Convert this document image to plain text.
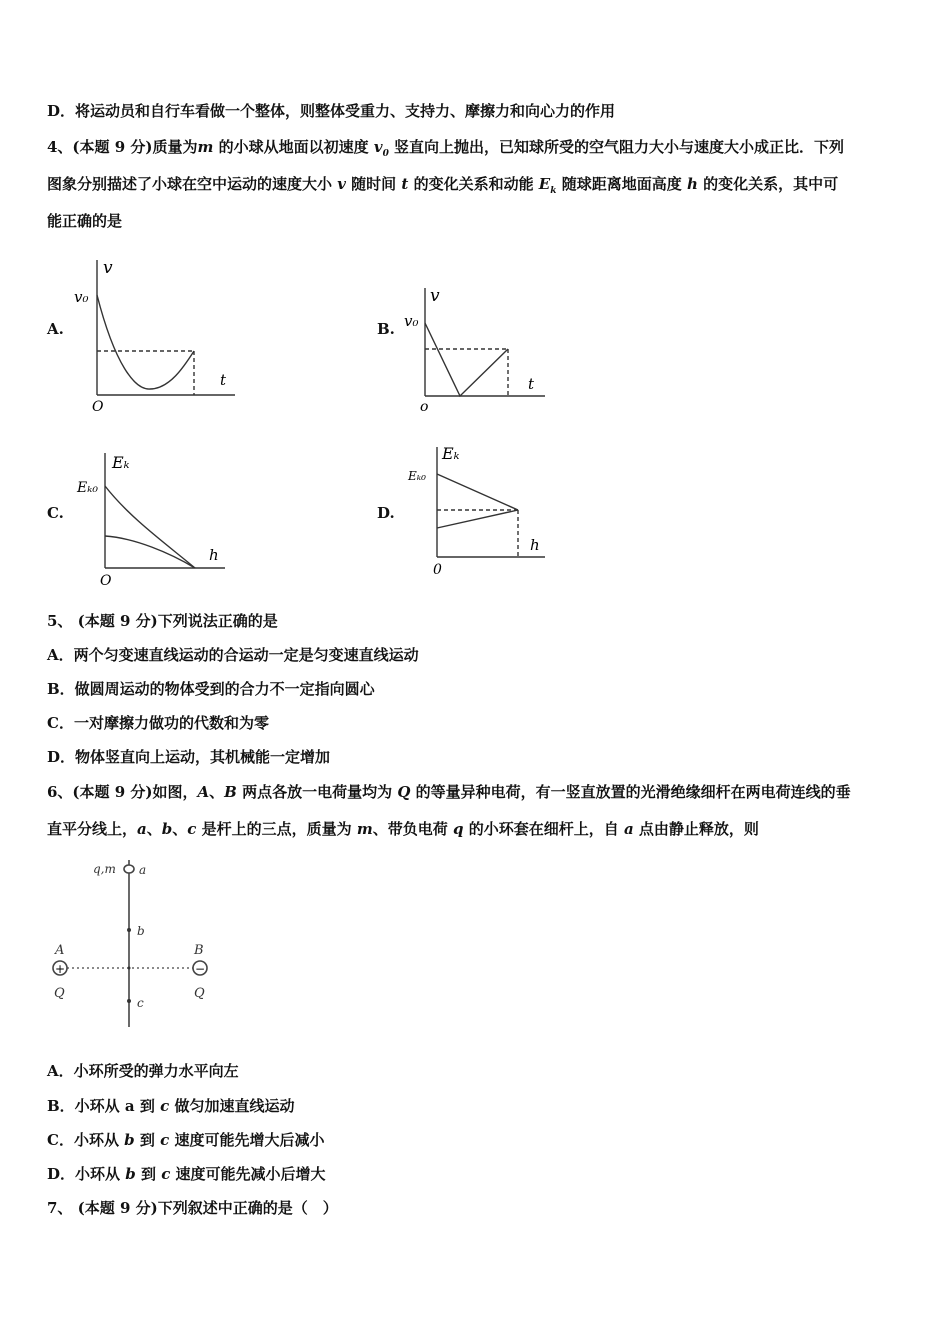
D．将运动员和自行车看做一个整体，则整体受重力、支持力、摩擦力和向心力的作用
4、(本题 9 分)质量为m 的小球从地面以初速度 $v_0$ 竖直向上抛出，已知球所受的空气阻力大小与速度大小成正比．下列
图象分别描述了小球在空中运动的速度大小 v 随时间 t 的变化关系和动能 $E_k$ 随球距离地面高度 h 的变化关系，其中可
能正确的是
A.	B.
C.	D.
v
v₀
t
O
v
v₀
t
o
Eₖ
Eₖ₀
h
O
Eₖ
Eₖ₀
h
0
5、 (本题 9 分)下列说法正确的是
A．两个匀变速直线运动的合运动一定是匀变速直线运动
B．做圆周运动的物体受到的合力不一定指向圆心
C．一对摩擦力做功的代数和为零
D．物体竖直向上运动，其机械能一定增加
6、(本题 9 分)如图，A、B 两点各放一电荷量均为 Q 的等量异种电荷，有一竖直放置的光滑绝缘细杆在两电荷连线的垂
直平分线上，a、b、c 是杆上的三点，质量为 m、带负电荷 q 的小环套在细杆上，自 a 点由静止释放，则
+	−
q,m a
b
c
A	B
Q	Q
A．小环所受的弹力水平向左
B．小环从 a 到 c 做匀加速直线运动
C．小环从 b 到 c 速度可能先增大后减小
D．小环从 b 到 c 速度可能先减小后增大
7、 (本题 9 分)下列叙述中正确的是（　）
